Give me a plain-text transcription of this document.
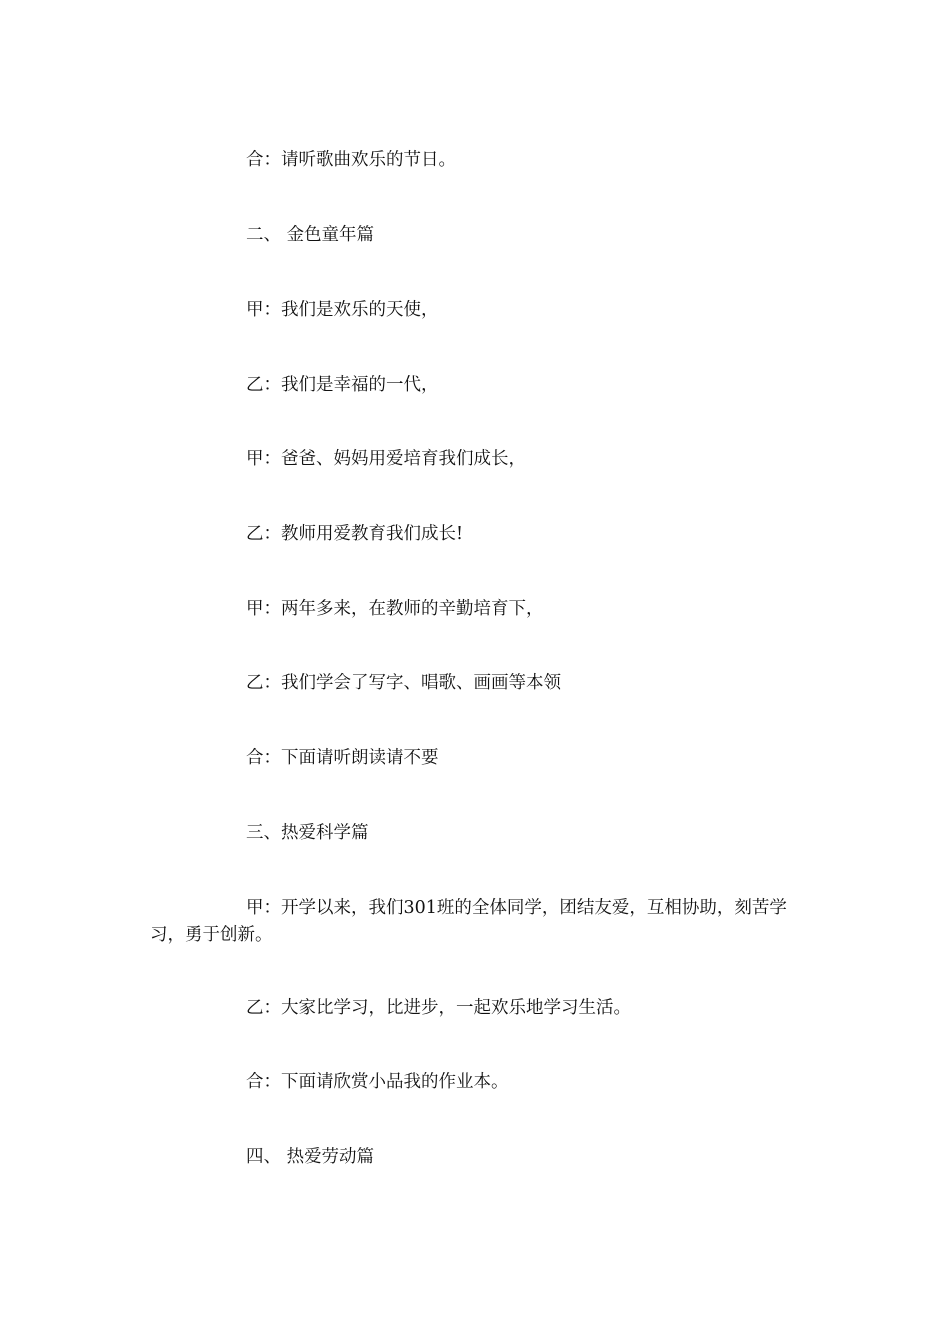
合：请听歌曲欢乐的节日。

二、 金色童年篇

甲：我们是欢乐的天使，

乙：我们是幸福的一代，

甲：爸爸、妈妈用爱培育我们成长，

乙：教师用爱教育我们成长!

甲：两年多来，在教师的辛勤培育下，

乙：我们学会了写字、唱歌、画画等本领

合：下面请听朗读请不要

三、热爱科学篇

甲：开学以来，我们301班的全体同学，团结友爱，互相协助，刻苦学习，勇于创新。

乙：大家比学习，比进步，一起欢乐地学习生活。

合：下面请欣赏小品我的作业本。

四、 热爱劳动篇
